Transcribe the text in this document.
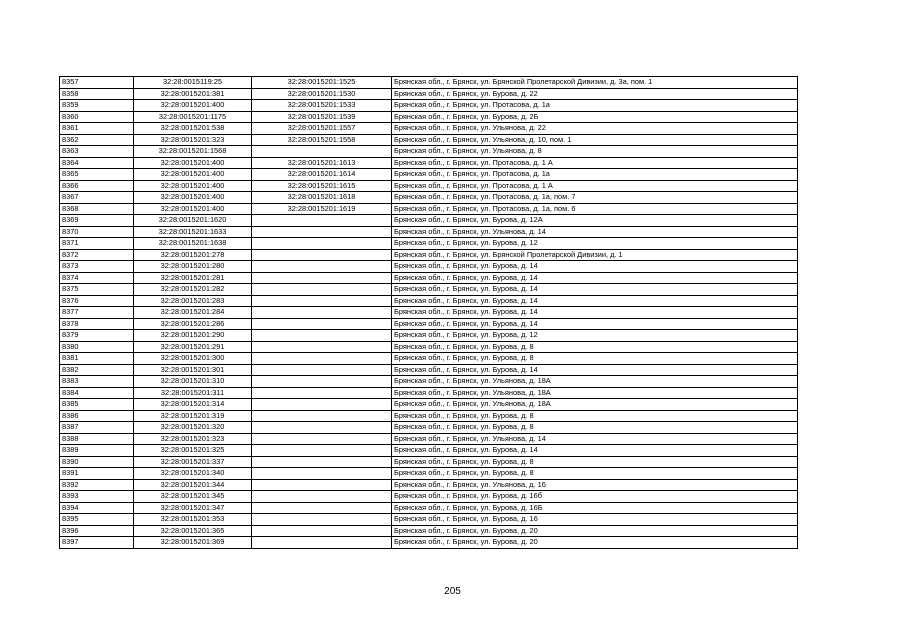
8357	32:28:0015119:25	32:28:0015201:1525	Брянская обл., г. Брянск, ул. Брянской Пролетарской Дивизии, д. 3а, пом. 1
8358	32:28:0015201:381	32:28:0015201:1530	Брянская обл., г. Брянск, ул. Бурова, д. 22
8359	32:28:0015201:400	32:28:0015201:1533	Брянская обл., г. Брянск, ул. Протасова, д. 1а
8360	32:28:0015201:1175	32:28:0015201:1539	Брянская обл., г. Брянск, ул. Бурова, д. 2Б
8361	32:28:0015201:538	32:28:0015201:1557	Брянская обл., г. Брянск, ул. Ульянова, д. 22
8362	32:28:0015201:323	32:28:0015201:1558	Брянская обл., г. Брянск, ул. Ульянова, д. 10, пом. 1
8363	32:28:0015201:1568		Брянская обл., г. Брянск, ул. Ульянова, д. 8
8364	32:28:0015201:400	32:28:0015201:1613	Брянская обл., г. Брянск, ул. Протасова, д. 1 А
8365	32:28:0015201:400	32:28:0015201:1614	Брянская обл., г. Брянск, ул. Протасова, д. 1а
8366	32:28:0015201:400	32:28:0015201:1615	Брянская обл., г. Брянск, ул. Протасова, д. 1 А
8367	32:28:0015201:400	32:28:0015201:1618	Брянская обл., г. Брянск, ул. Протасова, д. 1а, пом. 7
8368	32:28:0015201:400	32:28:0015201:1619	Брянская обл., г. Брянск, ул. Протасова, д. 1а, пом. 6
8369	32:28:0015201:1620		Брянская обл., г. Брянск, ул. Бурова, д. 12А
8370	32:28:0015201:1633		Брянская обл., г. Брянск, ул. Ульянова, д. 14
8371	32:28:0015201:1638		Брянская обл., г. Брянск, ул. Бурова, д. 12
8372	32:28:0015201:278		Брянская обл., г. Брянск, ул. Брянской Пролетарской Дивизии, д. 1
8373	32:28:0015201:280		Брянская обл., г. Брянск, ул. Бурова, д. 14
8374	32:28:0015201:281		Брянская обл., г. Брянск, ул. Бурова, д. 14
8375	32:28:0015201:282		Брянская обл., г. Брянск, ул. Бурова, д. 14
8376	32:28:0015201:283		Брянская обл., г. Брянск, ул. Бурова, д. 14
8377	32:28:0015201:284		Брянская обл., г. Брянск, ул. Бурова, д. 14
8378	32:28:0015201:286		Брянская обл., г. Брянск, ул. Бурова, д. 14
8379	32:28:0015201:290		Брянская обл., г. Брянск, ул. Бурова, д. 12
8380	32:28:0015201:291		Брянская обл., г. Брянск, ул. Бурова, д. 8
8381	32:28:0015201:300		Брянская обл., г. Брянск, ул. Бурова, д. 8
8382	32:28:0015201:301		Брянская обл., г. Брянск, ул. Бурова, д. 14
8383	32:28:0015201:310		Брянская обл., г. Брянск, ул. Ульянова, д. 18А
8384	32:28:0015201:311		Брянская обл., г. Брянск, ул. Ульянова, д. 18А
8385	32:28:0015201:314		Брянская обл., г. Брянск, ул. Ульянова, д. 18А
8386	32:28:0015201:319		Брянская обл., г. Брянск, ул. Бурова, д. 8
8387	32:28:0015201:320		Брянская обл., г. Брянск, ул. Бурова, д. 8
8388	32:28:0015201:323		Брянская обл., г. Брянск, ул. Ульянова, д. 14
8389	32:28:0015201:325		Брянская обл., г. Брянск, ул. Бурова, д. 14
8390	32:28:0015201:337		Брянская обл., г. Брянск, ул. Бурова, д. 8
8391	32:28:0015201:340		Брянская обл., г. Брянск, ул. Бурова, д. 8
8392	32:28:0015201:344		Брянская обл., г. Брянск, ул. Ульянова, д. 16
8393	32:28:0015201:345		Брянская обл., г. Брянск, ул. Бурова, д. 16б
8394	32:28:0015201:347		Брянская обл., г. Брянск, ул. Бурова, д. 16Б
8395	32:28:0015201:353		Брянская обл., г. Брянск, ул. Бурова, д. 16
8396	32:28:0015201:365		Брянская обл., г. Брянск, ул. Бурова, д. 20
8397	32:28:0015201:369		Брянская обл., г. Брянск, ул. Бурова, д. 20
205
